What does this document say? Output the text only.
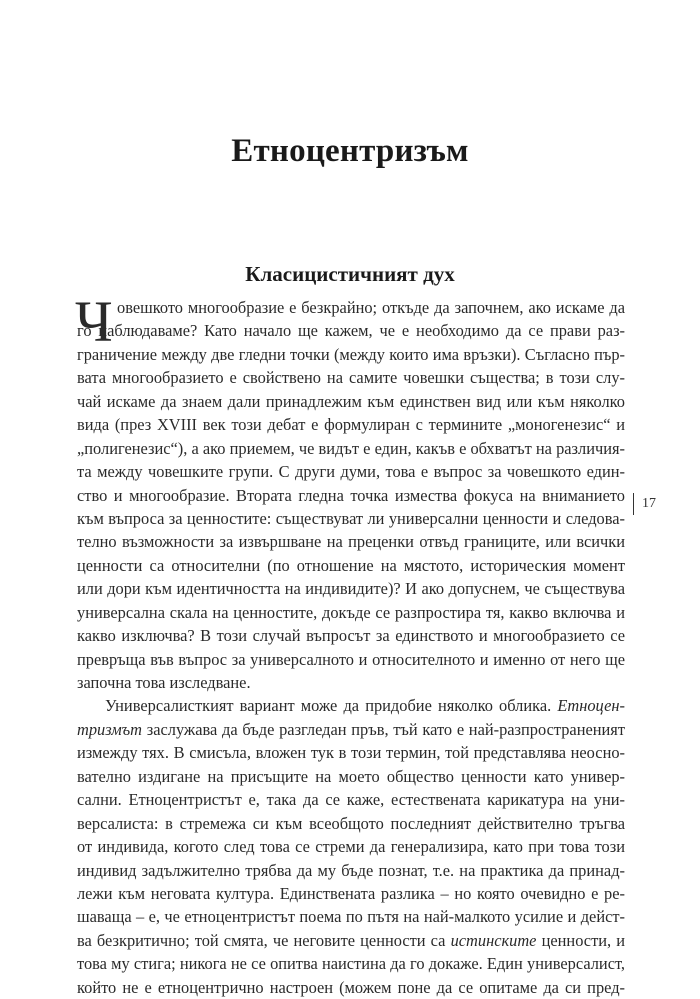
Етноцентризъм
Класицистичният дух
Ч овешкото многообразие е безкрайно; откъде да започнем, ако искаме да
го наблюдаваме? Като начало ще кажем, че е необходимо да се прави раз-
граничение между две гледни точки (между които има връзки). Съгласно пър-
вата многообразието е свойствено на самите човешки същества; в този слу-
чай искаме да знаем дали принадлежим към единствен вид или към няколко
вида (през XVIII век този дебат е формулиран с термините „моногенезис“ и
„полигенезис“), а ако приемем, че видът е един, какъв е обхватът на различия-
та между човешките групи. С други думи, това е въпрос за човешкото един-
ство и многообразие. Втората гледна точка измества фокуса на вниманието
към въпроса за ценностите: съществуват ли универсални ценности и следова-
телно възможности за извършване на преценки отвъд границите, или всички
ценности са относителни (по отношение на мястото, историческия момент
или дори към идентичността на индивидите)? И ако допуснем, че съществува
универсална скала на ценностите, докъде се разпростира тя, какво включва и
какво изключва? В този случай въпросът за единството и многообразието се
превръща във въпрос за универсалното и относителното и именно от него ще
започна това изследване.
Универсалисткият вариант може да придобие няколко облика. Етноцен-
тризмът заслужава да бъде разгледан пръв, тъй като е най-разпространеният
измежду тях. В смисъла, вложен тук в този термин, той представлява неосно-
вателно издигане на присъщите на моето общество ценности като универ-
сални. Етноцентристът е, така да се каже, естествената карикатура на уни-
версалиста: в стремежа си към всеобщото последният действително тръгва
от индивида, когото след това се стреми да генерализира, като при това този
индивид задължително трябва да му бъде познат, т.е. на практика да принад-
лежи към неговата култура. Единствената разлика – но която очевидно е ре-
шаваща – е, че етноцентристът поема по пътя на най-малкото усилие и дейст-
ва безкритично; той смята, че неговите ценности са истинските ценности, и
това му стига; никога не се опитва наистина да го докаже. Един универсалист,
който не е етноцентрично настроен (можем поне да се опитаме да си пред-
17
